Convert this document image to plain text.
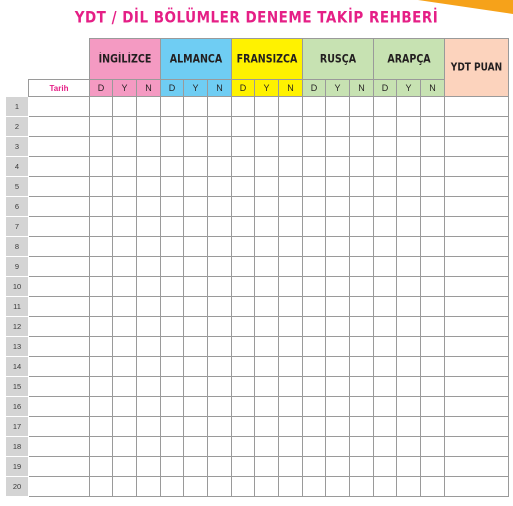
YDT / DİL BÖLÜMLER DENEME TAKİP REHBERİ
		İNGİLİZCE			ALMANCA			FRANSIZCA			RUSÇA			ARAPÇA			YDT PUAN
	Tarih	D	Y	N	D	Y	N	D	Y	N	D	Y	N	D	Y	N	
1																	
2																	
3																	
4																	
5																	
6																	
7																	
8																	
9																	
10																	
11																	
12																	
13																	
14																	
15																	
16																	
17																	
18																	
19																	
20																	
